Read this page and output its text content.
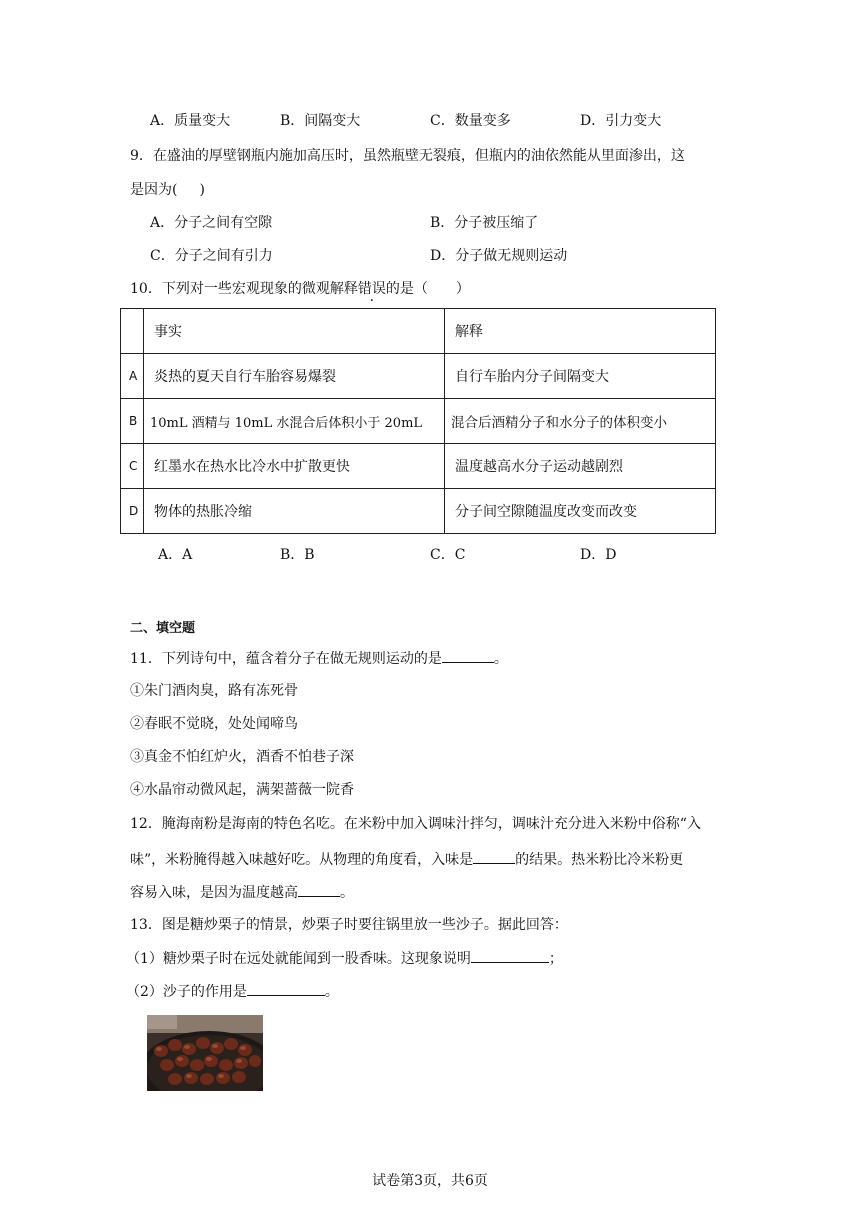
A．质量变大	B．间隔变大	C．数量变多	D．引力变大
9．在盛油的厚壁钢瓶内施加高压时，虽然瓶壁无裂痕，但瓶内的油依然能从里面渗出，这
是因为( )
A．分子之间有空隙	B．分子被压缩了
C．分子之间有引力	D．分子做无规则运动
10．下列对一些宏观现象的微观解释错误的是（　　）
	事实	解释
A	炎热的夏天自行车胎容易爆裂	自行车胎内分子间隔变大
B	10mL 酒精与 10mL 水混合后体积小于 20mL	混合后酒精分子和水分子的体积变小
C	红墨水在热水比冷水中扩散更快	温度越高水分子运动越剧烈
D	物体的热胀冷缩	分子间空隙随温度改变而改变
A．A	B．B	C．C	D．D
二、填空题
11．下列诗句中，蕴含着分子在做无规则运动的是	。
①朱门酒肉臭，路有冻死骨
②春眠不觉晓，处处闻啼鸟
③真金不怕红炉火，酒香不怕巷子深
④水晶帘动微风起，满架蔷薇一院香
12．腌海南粉是海南的特色名吃。在米粉中加入调味汁拌匀，调味汁充分进入米粉中俗称“入
味”，米粉腌得越入味越好吃。从物理的角度看，入味是	的结果。热米粉比冷米粉更
容易入味，是因为温度越高	。
13．图是糖炒栗子的情景，炒栗子时要往锅里放一些沙子。据此回答：
（1）糖炒栗子时在远处就能闻到一股香味。这现象说明	；
（2）沙子的作用是	。
试卷第3页，共6页
